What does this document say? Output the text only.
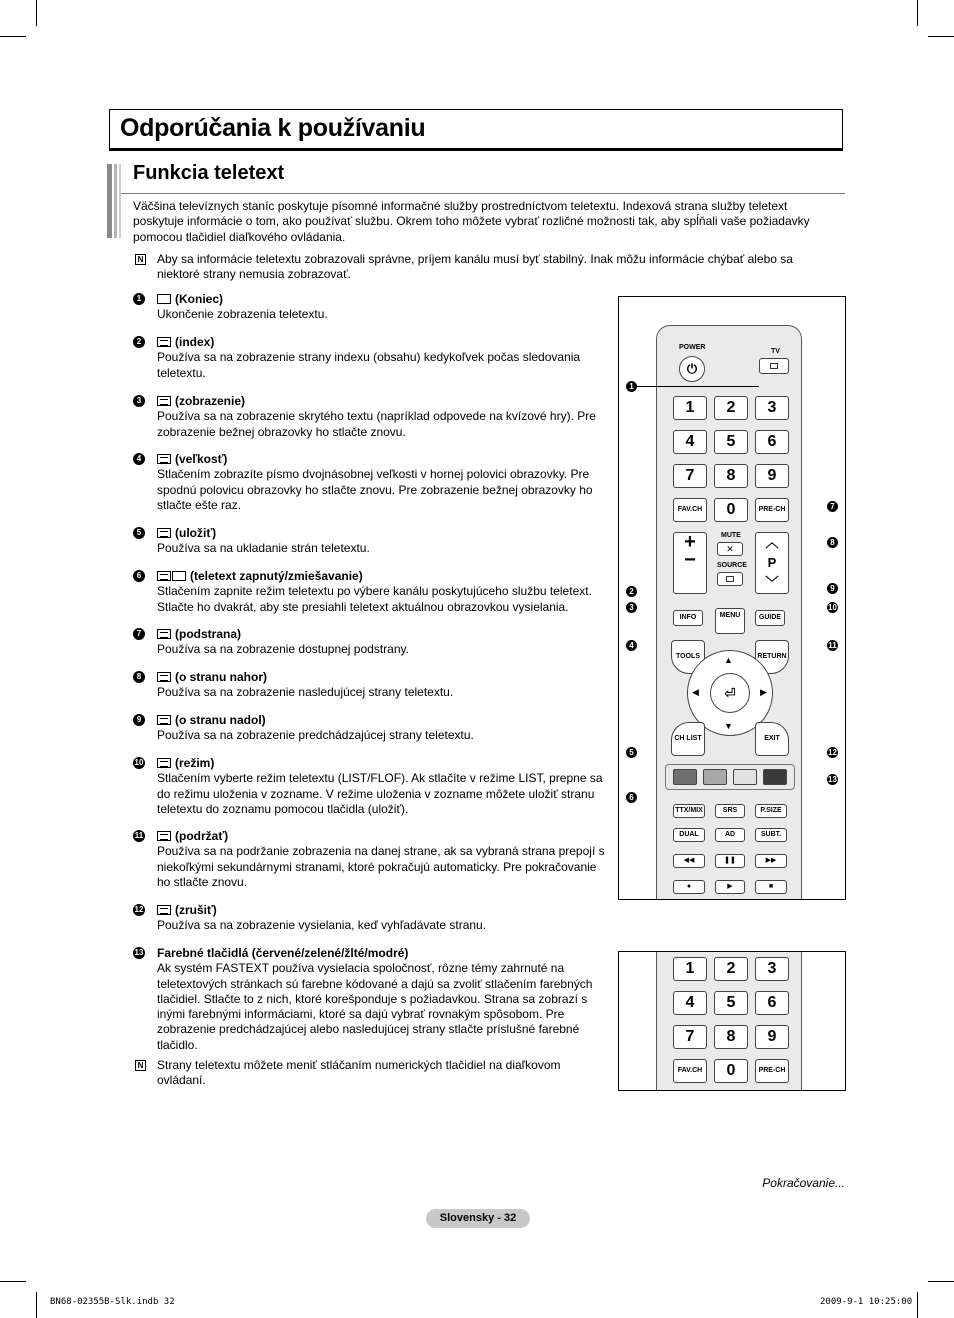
Odporúčania k používaniu
Funkcia teletext
Väčšina televíznych staníc poskytuje písomné informačné služby prostredníctvom teletextu. Indexová strana služby teletext poskytuje informácie o tom, ako používať službu. Okrem toho môžete vybrať rozličné možnosti tak, aby spĺňali vaše požiadavky pomocou tlačidiel diaľkového ovládania.
N Aby sa informácie teletextu zobrazovali správne, príjem kanálu musí byť stabilný. Inak môžu informácie chýbať alebo sa niektoré strany nemusia zobrazovať.
1	(Koniec)
Ukončenie zobrazenia teletextu.
2	(index)
Používa sa na zobrazenie strany indexu (obsahu) kedykoľvek počas sledovania teletextu.
3	(zobrazenie)
Používa sa na zobrazenie skrytého textu (napríklad odpovede na kvízové hry). Pre zobrazenie bežnej obrazovky ho stlačte znovu.
4	(veľkosť)
Stlačením zobrazíte písmo dvojnásobnej veľkosti v hornej polovici obrazovky. Pre spodnú polovicu obrazovky ho stlačte znovu. Pre zobrazenie bežnej obrazovky ho stlačte ešte raz.
5	(uložiť)
Používa sa na ukladanie strán teletextu.
6	(teletext zapnutý/zmiešavanie)
Stlačením zapnite režim teletextu po výbere kanálu poskytujúceho službu teletext. Stlačte ho dvakrát, aby ste presiahli teletext aktuálnou obrazovkou vysielania.
7	(podstrana)
Používa sa na zobrazenie dostupnej podstrany.
8	(o stranu nahor)
Používa sa na zobrazenie nasledujúcej strany teletextu.
9	(o stranu nadol)
Používa sa na zobrazenie predchádzajúcej strany teletextu.
10	(režim)
Stlačením vyberte režim teletextu (LIST/FLOF). Ak stlačíte v režime LIST, prepne sa do režimu uloženia v zozname. V režime uloženia v zozname môžete uložiť stranu teletextu do zoznamu pomocou tlačidla (uložiť).
11	(podržať)
Používa sa na podržanie zobrazenia na danej strane, ak sa vybraná strana prepojí s niekoľkými sekundárnymi stranami, ktoré pokračujú automaticky. Pre pokračovanie ho stlačte znovu.
12	(zrušiť)
Používa sa na zobrazenie vysielania, keď vyhľadávate stranu.
13 Farebné tlačidlá (červené/zelené/žlté/modré)
Ak systém FASTEXT používa vysielacia spoločnosť, rôzne témy zahrnuté na teletextových stránkach sú farebne kódované a dajú sa zvoliť stlačením farebných tlačidiel. Stlačte to z nich, ktoré korešponduje s požiadavkou. Strana sa zobrazí s inými farebnými informáciami, ktoré sa dajú vybrať rovnakým spôsobom. Pre zobrazenie predchádzajúcej alebo nasledujúcej strany stlačte príslušné farebné tlačidlo.
N Strany teletextu môžete meniť stláčaním numerických tlačidiel na diaľkovom ovládaní.
POWER
⏻
TV
1	2	3
4	5	6
7	8	9
FAV.CH	0	PRE-CH
+
−
MUTE
✕
SOURCE
︿
P
﹀
INFO	MENU	GUIDE
TOOLS	RETURN
⏎
▲
▼
◀	▶
CH LIST	EXIT
TTX/MIX	SRS	P.SIZE
DUAL	AD	SUBT.
◀◀	❚❚	▶▶
●	▶	■
1
2
3
4
5
6
7
8
9
10
11
12
13
1	2	3
4	5	6
7	8	9
FAV.CH	0	PRE-CH
Pokračovanie...
Slovensky - 32
BN68-02355B-Slk.indb 32	2009-9-1 10:25:00
